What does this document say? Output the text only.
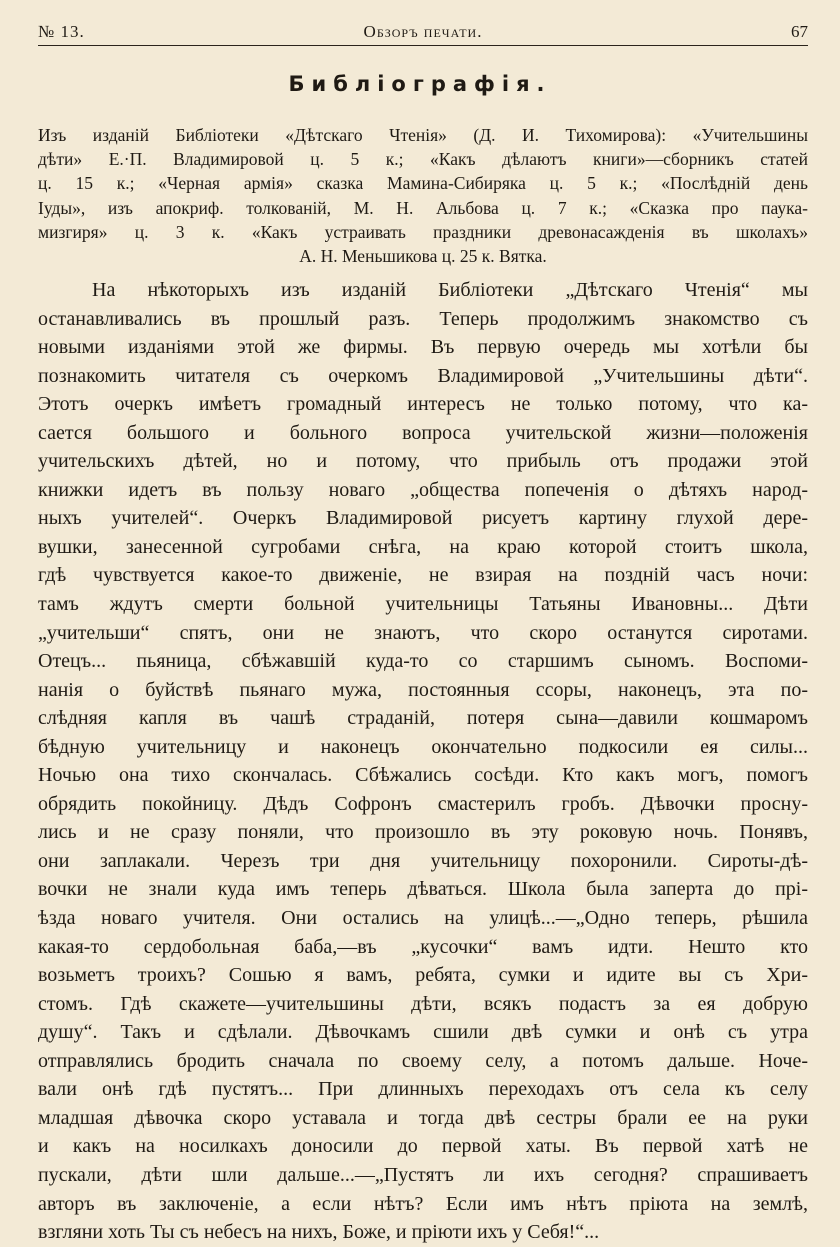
№ 13.	Обзоръ печати.	67
Библіографія.
Изъ изданій Библіотеки «Дѣтскаго Чтенія» (Д. И. Тихомирова): «Учительшины
дѣти» Е.·П. Владимировой ц. 5 к.; «Какъ дѣлаютъ книги»—сборникъ статей
ц. 15 к.; «Черная армія» сказка Мамина-Сибиряка ц. 5 к.; «Послѣдній день
Іуды», изъ апокриф. толкованій, М. Н. Альбова ц. 7 к.; «Сказка про паука-
мизгиря» ц. 3 к. «Какъ устраивать праздники древонасажденія въ школахъ»
А. Н. Меньшикова ц. 25 к. Вятка.
На нѣкоторыхъ изъ изданій Библіотеки „Дѣтскаго Чтенія“ мы
останавливались въ прошлый разъ. Теперь продолжимъ знакомство съ
новыми изданіями этой же фирмы. Въ первую очередь мы хотѣли бы
познакомить читателя съ очеркомъ Владимировой „Учительшины дѣти“.
Этотъ очеркъ имѣетъ громадный интересъ не только потому, что ка-
сается большого и больного вопроса учительской жизни—положенія
учительскихъ дѣтей, но и потому, что прибыль отъ продажи этой
книжки идетъ въ пользу новаго „общества попеченія о дѣтяхъ народ-
ныхъ учителей“. Очеркъ Владимировой рисуетъ картину глухой дере-
вушки, занесенной сугробами снѣга, на краю которой стоитъ школа,
гдѣ чувствуется какое-то движеніе, не взирая на поздній часъ ночи:
тамъ ждутъ смерти больной учительницы Татьяны Ивановны... Дѣти
„учительши“ спятъ, они не знаютъ, что скоро останутся сиротами.
Отецъ... пьяница, сбѣжавшій куда-то со старшимъ сыномъ. Воспоми-
нанія о буйствѣ пьянаго мужа, постоянныя ссоры, наконецъ, эта по-
слѣдняя капля въ чашѣ страданій, потеря сына—давили кошмаромъ
бѣдную учительницу и наконецъ окончательно подкосили ея силы...
Ночью она тихо скончалась. Сбѣжались сосѣди. Кто какъ могъ, помогъ
обрядить покойницу. Дѣдъ Софронъ смастерилъ гробъ. Дѣвочки просну-
лись и не сразу поняли, что произошло въ эту роковую ночь. Понявъ,
они заплакали. Черезъ три дня учительницу похоронили. Сироты-дѣ-
вочки не знали куда имъ теперь дѣваться. Школа была заперта до прі-
ѣзда новаго учителя. Они остались на улицѣ...—„Одно теперь, рѣшила
какая-то сердобольная баба,—въ „кусочки“ вамъ идти. Нешто кто
возьметъ троихъ? Сошью я вамъ, ребята, сумки и идите вы съ Хри-
стомъ. Гдѣ скажете—учительшины дѣти, всякъ подастъ за ея добрую
душу“. Такъ и сдѣлали. Дѣвочкамъ сшили двѣ сумки и онѣ съ утра
отправлялись бродить сначала по своему селу, а потомъ дальше. Ноче-
вали онѣ гдѣ пустятъ... При длинныхъ переходахъ отъ села къ селу
младшая дѣвочка скоро уставала и тогда двѣ сестры брали ее на руки
и какъ на носилкахъ доносили до первой хаты. Въ первой хатѣ не
пускали, дѣти шли дальше...—„Пустятъ ли ихъ сегодня? спрашиваетъ
авторъ въ заключеніе, а если нѣтъ? Если имъ нѣтъ пріюта на землѣ,
взгляни хоть Ты съ небесъ на нихъ, Боже, и пріюти ихъ у Себя!“...
